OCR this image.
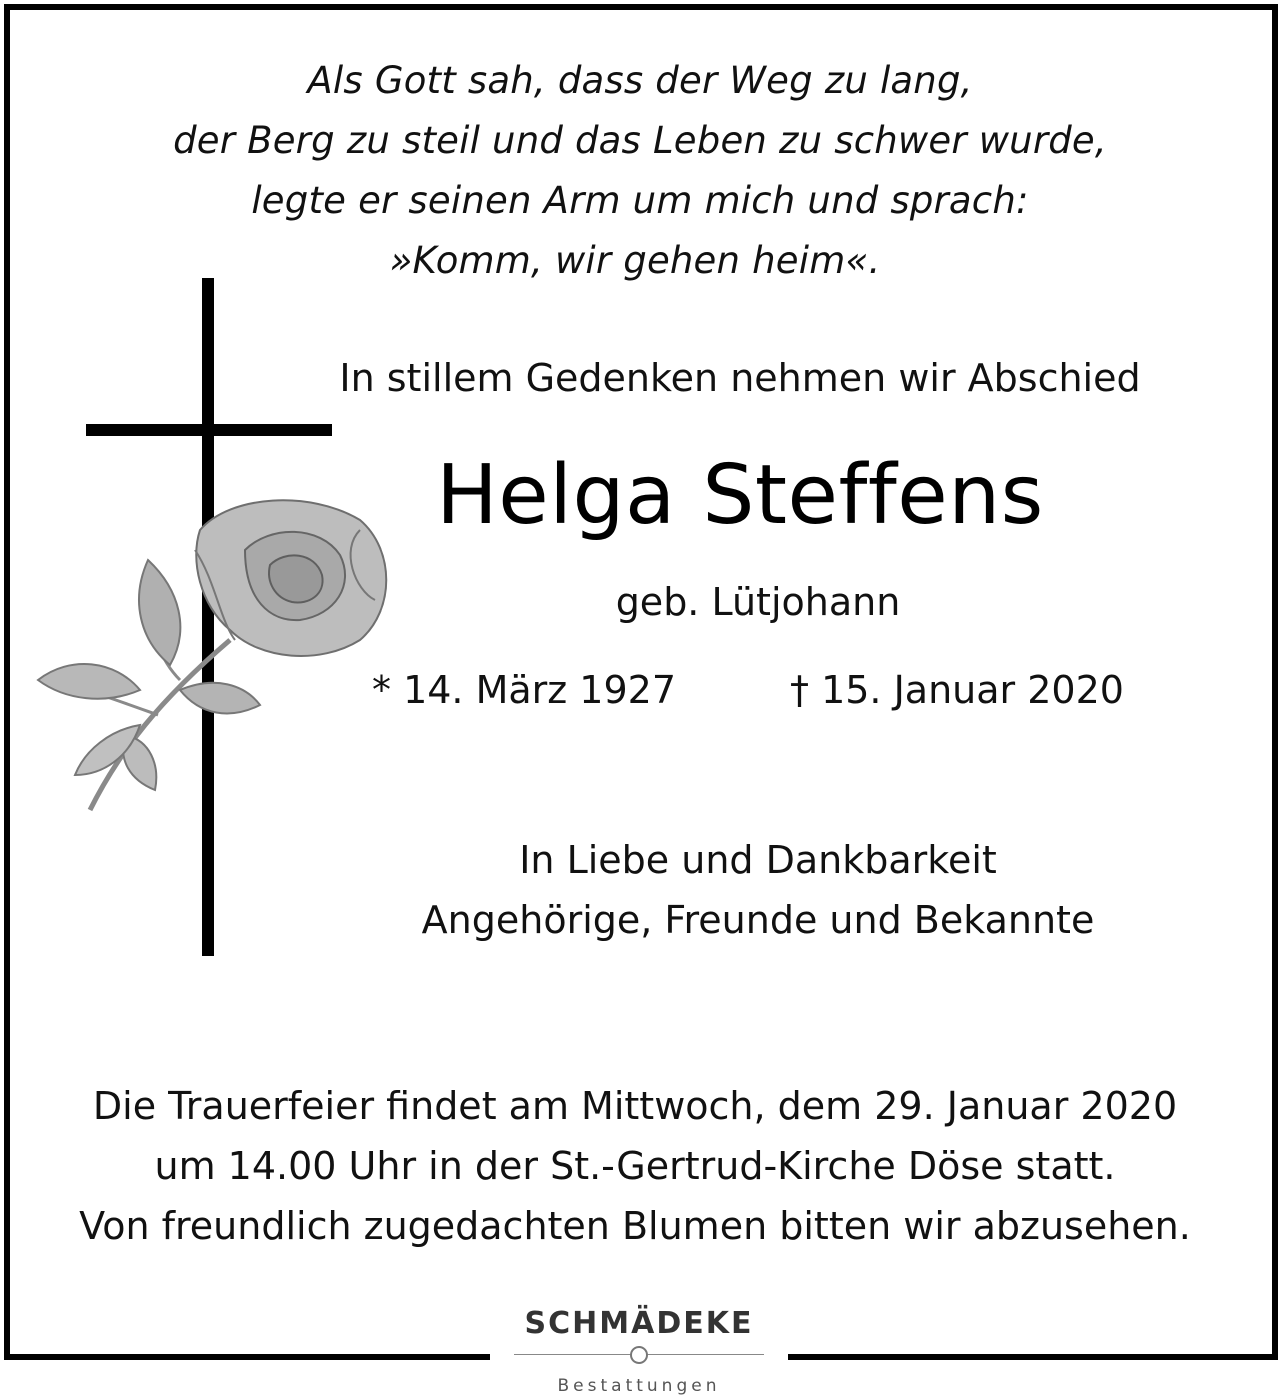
Als Gott sah, dass der Weg zu lang,
der Berg zu steil und das Leben zu schwer wurde,
legte er seinen Arm um mich und sprach:
»Komm, wir gehen heim«.
In stillem Gedenken nehmen wir Abschied
Helga Steffens
geb. Lütjohann
* 14. März 1927	† 15. Januar 2020
In Liebe und Dankbarkeit
Angehörige, Freunde und Bekannte
Die Trauerfeier findet am Mittwoch, dem 29. Januar 2020
um 14.00 Uhr in der St.-Gertrud-Kirche Döse statt.
Von freundlich zugedachten Blumen bitten wir abzusehen.
SCHMÄDEKE
Bestattungen
